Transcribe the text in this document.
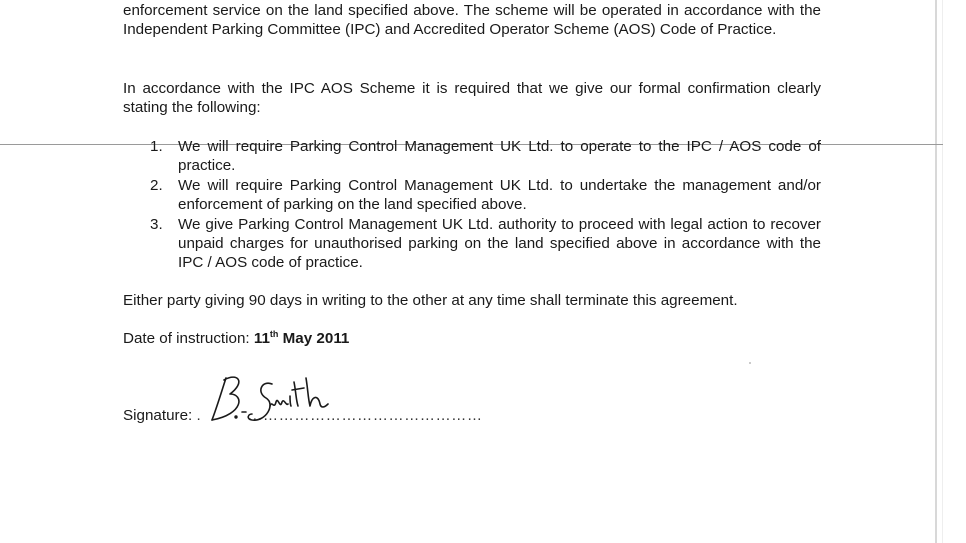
enforcement service on the land specified above. The scheme will be operated in accordance with the Independent Parking Committee (IPC) and Accredited Operator Scheme (AOS) Code of Practice.

In accordance with the IPC AOS Scheme it is required that we give our formal confirmation clearly stating the following:

1. We will require Parking Control Management UK Ltd. to operate to the IPC / AOS code of practice.
2. We will require Parking Control Management UK Ltd. to undertake the management and/or enforcement of parking on the land specified above.
3. We give Parking Control Management UK Ltd. authority to proceed with legal action to recover unpaid charges for unauthorised parking on the land specified above in accordance with the IPC / AOS code of practice.

Either party giving 90 days in writing to the other at any time shall terminate this agreement.

Date of instruction: 11th May 2011
Signature: .	………………………………………
